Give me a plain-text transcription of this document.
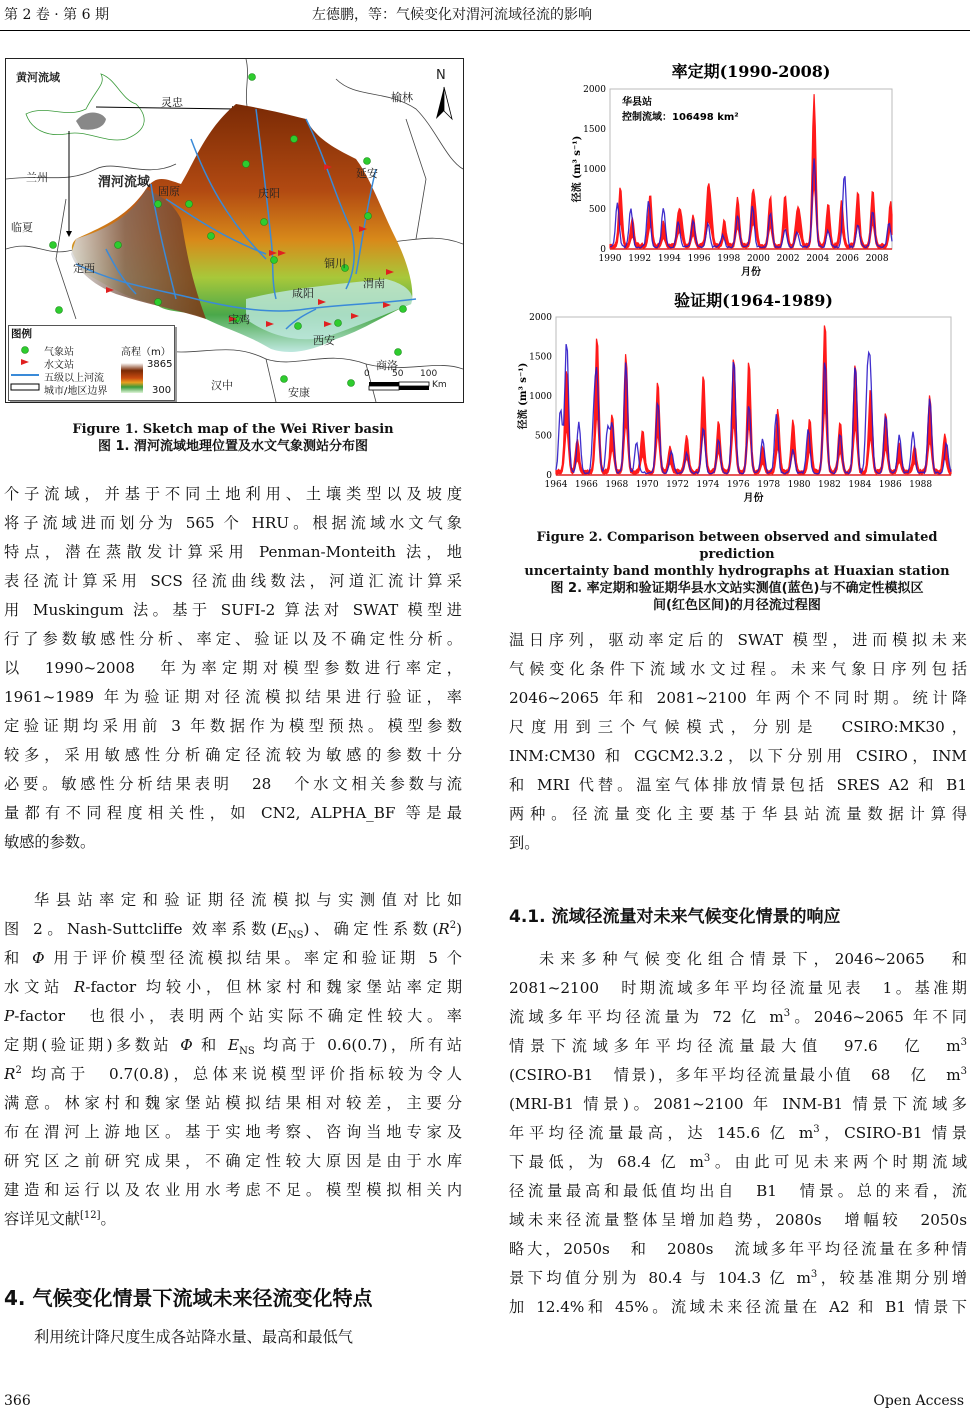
第 2 卷 · 第 6 期	左德鹏，等：气候变化对渭河流域径流的影响
黄河流域	N
灵忠	榆林
兰州	渭河流域
固原
延安
庆阳
临夏
定西	铜川
渭南
咸阳
宝鸡
西安
汉中
安康
商洛
0 50 100
Km
图例
气象站
水文站
五级以上河流
城市/地区边界
高程（m）
3865
300
Figure 1. Sketch map of the Wei River basin
图 1. 渭河流域地理位置及水文气象测站分布图
个子流域，并基于不同土地利用、土壤类型以及坡度
将子流域进而划分为 565 个 HRU。根据流域水文气象
特点，潜在蒸散发计算采用 Penman-Monteith 法，地
表径流计算采用 SCS 径流曲线数法，河道汇流计算采
用 Muskingum 法。基于 SUFI-2 算法对 SWAT 模型进
行了参数敏感性分析、率定、验证以及不确定性分析。
以　1990~2008　年为率定期对模型参数进行率定，
1961~1989 年为验证期对径流模拟结果进行验证，率
定验证期均采用前 3 年数据作为模型预热。模型参数
较多，采用敏感性分析确定径流较为敏感的参数十分
必要。敏感性分析结果表明　28　个水文相关参数与流
量都有不同程度相关性，如 CN2, ALPHA_BF 等是最
敏感的参数。
华县站率定和验证期径流模拟与实测值对比如
图 2。Nash-Suttcliffe 效率系数$(E_{NS})$、确定性系数$(R^2)$
和 Φ 用于评价模型径流模拟结果。率定和验证期 5 个
水文站 R-factor 均较小，但林家村和魏家堡站率定期
P-factor　也很小，表明两个站实际不确定性较大。率
定期(验证期)多数站 Φ 和 $E_{NS}$ 均高于 0.6(0.7)，所有站
$R^2$ 均高于　0.7(0.8)，总体来说模型评价指标较为令人
满意。林家村和魏家堡站模拟结果相对较差，主要分
布在渭河上游地区。基于实地考察、咨询当地专家及
研究区之前研究成果，不确定性较大原因是由于水库
建造和运行以及农业用水考虑不足。模型模拟相关内
容详见文献[12]。
4. 气候变化情景下流域未来径流变化特点
利用统计降尺度生成各站降水量、最高和最低气
率定期(1990-2008)
0
500
1000
1500
2000
1990 1992 1994 1996 1998 2000 2002 2004 2006 2008
月份
径流 (m³ s⁻¹)
华县站
控制流域：106498 km²
验证期(1964-1989)
0
500
1000
1500
2000
1964 1966 1968 1970 1972 1974 1976 1978 1980 1982 1984 1986 1988
月份
径流 (m³ s⁻¹)
Figure 2. Comparison between observed and simulated prediction
uncertainty band monthly hydrographs at Huaxian station
图 2. 率定期和验证期华县水文站实测值(蓝色)与不确定性模拟区
间(红色区间)的月径流过程图
温日序列，驱动率定后的 SWAT 模型，进而模拟未来
气候变化条件下流域水文过程。未来气象日序列包括
2046~2065 年和 2081~2100 年两个不同时期。统计降
尺度用到三个气候模式，分别是　CSIRO:MK30，
INM:CM30 和 CGCM2.3.2，以下分别用 CSIRO，INM
和 MRI 代替。温室气体排放情景包括 SRES A2 和 B1
两种。径流量变化主要基于华县站流量数据计算得
到。
4.1. 流域径流量对未来气候变化情景的响应
未来多种气候变化组合情景下，2046~2065　和
2081~2100　时期流域多年平均径流量见表　1。基准期
流域多年平均径流量为 72 亿 $m^3$。2046~2065 年不同
情景下流域多年平均径流量最大值　97.6　亿　$m^3$
(CSIRO-B1　情景)，多年平均径流量最小值　68　亿　$m^3$
(MRI-B1 情景)。2081~2100 年 INM-B1 情景下流域多
年平均径流量最高，达 145.6 亿 $m^3$，CSIRO-B1 情景
下最低，为 68.4 亿 $m^3$。由此可见未来两个时期流域
径流量最高和最低值均出自　B1　情景。总的来看，流
域未来径流量整体呈增加趋势，2080s　增幅较　2050s
略大，2050s　和　2080s　流域多年平均径流量在多种情
景下均值分别为 80.4 与 104.3 亿 $m^3$，较基准期分别增
加 12.4%和 45%。流域未来径流量在 A2 和 B1 情景下
366	Open Access
